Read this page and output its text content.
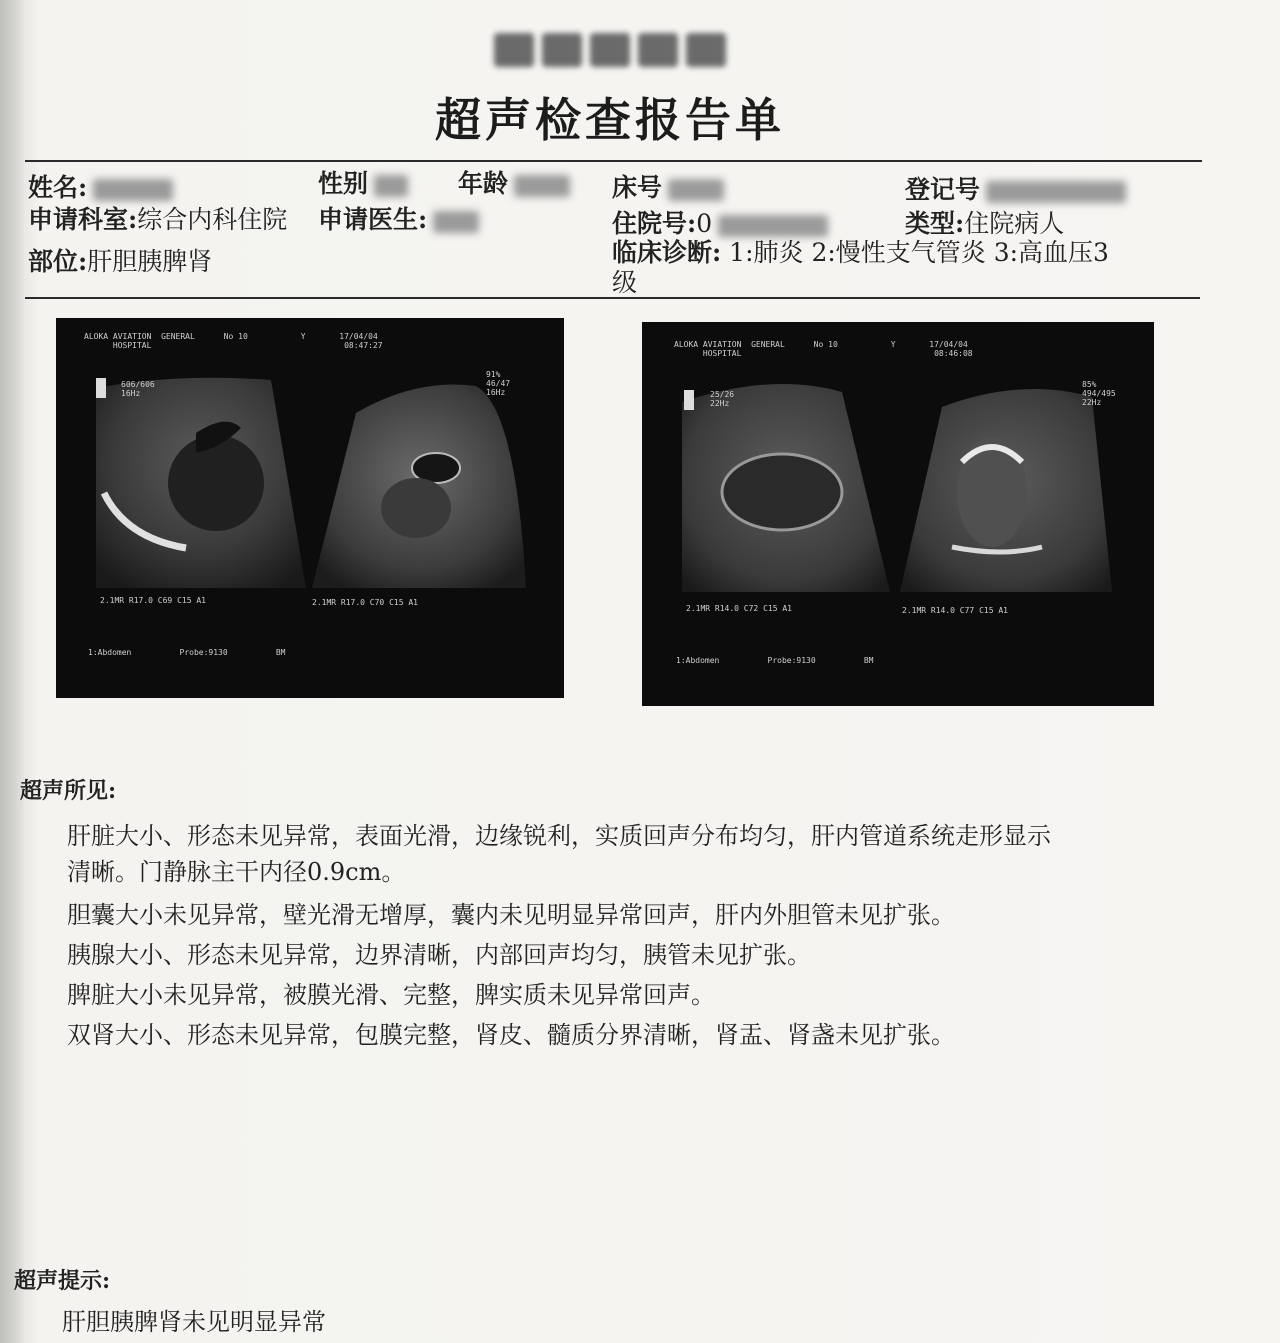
超声检查报告单
姓名:	性别	年龄	床号	登记号
申请科室:综合内科住院 申请医生:	住院号:0	类型:住院病人
部位:肝胆胰脾肾	临床诊断: 1:肺炎 2:慢性支气管炎 3:高血压3级
ALOKA AVIATION  GENERAL      No 10           Y       17/04/04
HOSPITAL                                        08:47:27
606/606
16Hz
91%
46/47
16Hz
2.1MR R17.0 C69 C15 A1	2.1MR R17.0 C70 C15 A1
1:Abdomen          Probe:9130          BM
ALOKA AVIATION  GENERAL      No 10           Y       17/04/04
HOSPITAL                                        08:46:08
25/26
22Hz
85%
494/495
22Hz
2.1MR R14.0 C72 C15 A1	2.1MR R14.0 C77 C15 A1
1:Abdomen          Probe:9130          BM
超声所见:
肝脏大小、形态未见异常，表面光滑，边缘锐利，实质回声分布均匀，肝内管道系统走形显示
清晰。门静脉主干内径0.9cm。
胆囊大小未见异常，壁光滑无增厚，囊内未见明显异常回声，肝内外胆管未见扩张。
胰腺大小、形态未见异常，边界清晰，内部回声均匀，胰管未见扩张。
脾脏大小未见异常，被膜光滑、完整，脾实质未见异常回声。
双肾大小、形态未见异常，包膜完整，肾皮、髓质分界清晰，肾盂、肾盏未见扩张。
超声提示:
肝胆胰脾肾未见明显异常
